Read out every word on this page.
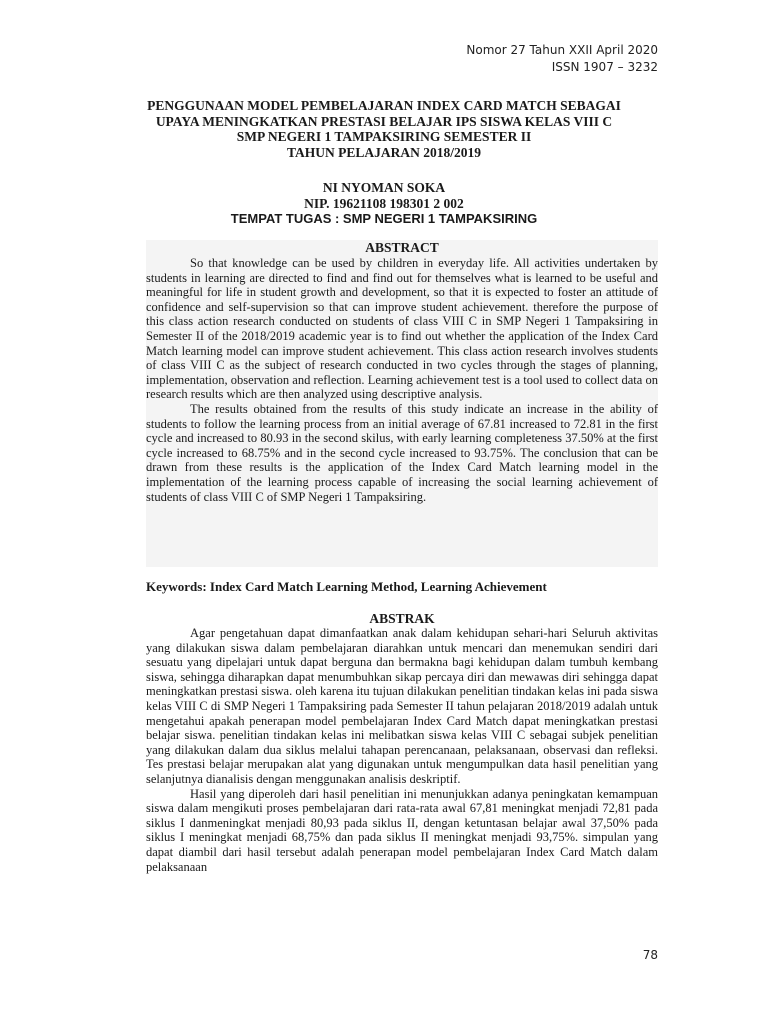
Nomor 27 Tahun XXII April 2020
ISSN 1907 – 3232
PENGGUNAAN MODEL PEMBELAJARAN INDEX CARD MATCH SEBAGAI
UPAYA MENINGKATKAN PRESTASI BELAJAR IPS SISWA KELAS VIII C
SMP NEGERI 1 TAMPAKSIRING SEMESTER II
TAHUN PELAJARAN 2018/2019
NI NYOMAN SOKA
NIP. 19621108 198301 2 002
TEMPAT TUGAS : SMP NEGERI 1 TAMPAKSIRING
ABSTRACT

So that knowledge can be used by children in everyday life. All activities undertaken by students in learning are directed to find and find out for themselves what is learned to be useful and meaningful for life in student growth and development, so that it is expected to foster an attitude of confidence and self-supervision so that can improve student achievement. therefore the purpose of this class action research conducted on students of class VIII C in SMP Negeri 1 Tampaksiring in Semester II of the 2018/2019 academic year is to find out whether the application of the Index Card Match learning model can improve student achievement. This class action research involves students of class VIII C as the subject of research conducted in two cycles through the stages of planning, implementation, observation and reflection. Learning achievement test is a tool used to collect data on research results which are then analyzed using descriptive analysis.

The results obtained from the results of this study indicate an increase in the ability of students to follow the learning process from an initial average of 67.81 increased to 72.81 in the first cycle and increased to 80.93 in the second skilus, with early learning completeness 37.50% at the first cycle increased to 68.75% and in the second cycle increased to 93.75%. The conclusion that can be drawn from these results is the application of the Index Card Match learning model in the implementation of the learning process capable of increasing the social learning achievement of students of class VIII C of SMP Negeri 1 Tampaksiring.

Keywords: Index Card Match Learning Method, Learning Achievement
ABSTRAK

Agar pengetahuan dapat dimanfaatkan anak dalam kehidupan sehari-hari Seluruh aktivitas yang dilakukan siswa dalam pembelajaran diarahkan untuk mencari dan menemukan sendiri dari sesuatu yang dipelajari untuk dapat berguna dan bermakna bagi kehidupan dalam tumbuh kembang siswa, sehingga diharapkan dapat menumbuhkan sikap percaya diri dan mewawas diri sehingga dapat meningkatkan prestasi siswa. oleh karena itu tujuan dilakukan penelitian tindakan kelas ini pada siswa kelas VIII C di SMP Negeri 1 Tampaksiring pada Semester II tahun pelajaran 2018/2019 adalah untuk mengetahui apakah penerapan model pembelajaran Index Card Match dapat meningkatkan prestasi belajar siswa. penelitian tindakan kelas ini melibatkan siswa kelas VIII C sebagai subjek penelitian yang dilakukan dalam dua siklus melalui tahapan perencanaan, pelaksanaan, observasi dan refleksi. Tes prestasi belajar merupakan alat yang digunakan untuk mengumpulkan data hasil penelitian yang selanjutnya dianalisis dengan menggunakan analisis deskriptif.

Hasil yang diperoleh dari hasil penelitian ini menunjukkan adanya peningkatan kemampuan siswa dalam mengikuti proses pembelajaran dari rata-rata awal 67,81 meningkat menjadi 72,81 pada siklus I danmeningkat menjadi 80,93 pada siklus II, dengan ketuntasan belajar awal 37,50% pada siklus I meningkat menjadi 68,75% dan pada siklus II meningkat menjadi 93,75%. simpulan yang dapat diambil dari hasil tersebut adalah penerapan model pembelajaran Index Card Match dalam pelaksanaan

78
